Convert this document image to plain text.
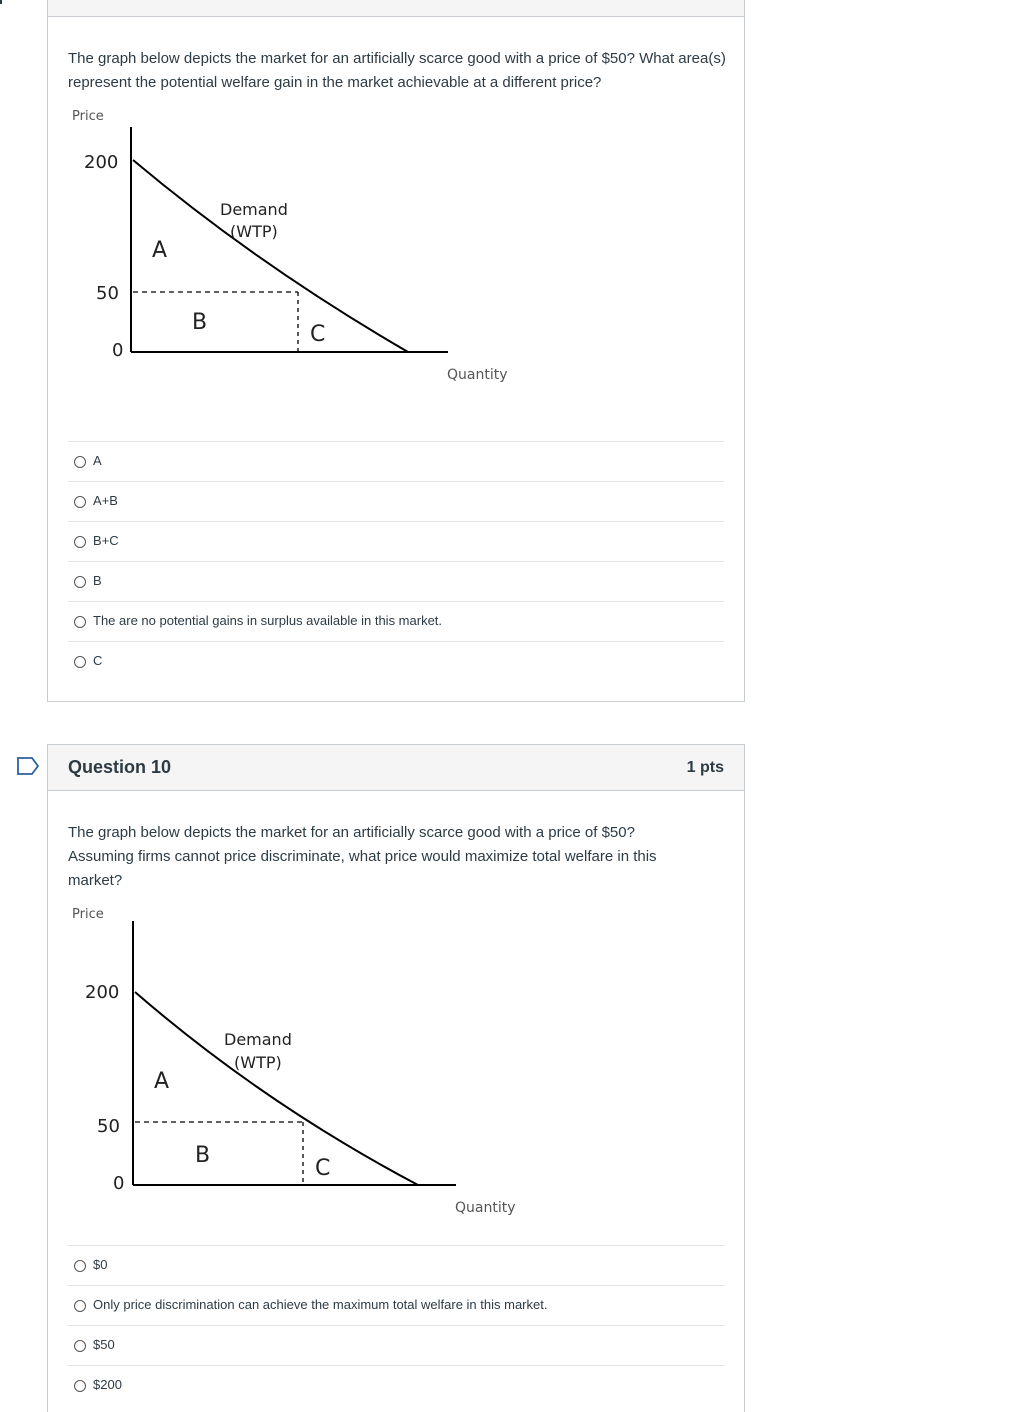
The graph below depicts the market for an artificially scarce good with a price of $50? What area(s) represent the potential welfare gain in the market achievable at a different price?
Price
200
50
0
Demand
(WTP)
A
B	C
Quantity
A
A+B
B+C
B
The are no potential gains in surplus available in this market.
C
Question 10	1 pts
The graph below depicts the market for an artificially scarce good with a price of $50?
Assuming firms cannot price discriminate, what price would maximize total welfare in this
market?
Price
200
50
0
Demand
(WTP)
A
B
C
Quantity
$0
Only price discrimination can achieve the maximum total welfare in this market.
$50
$200
